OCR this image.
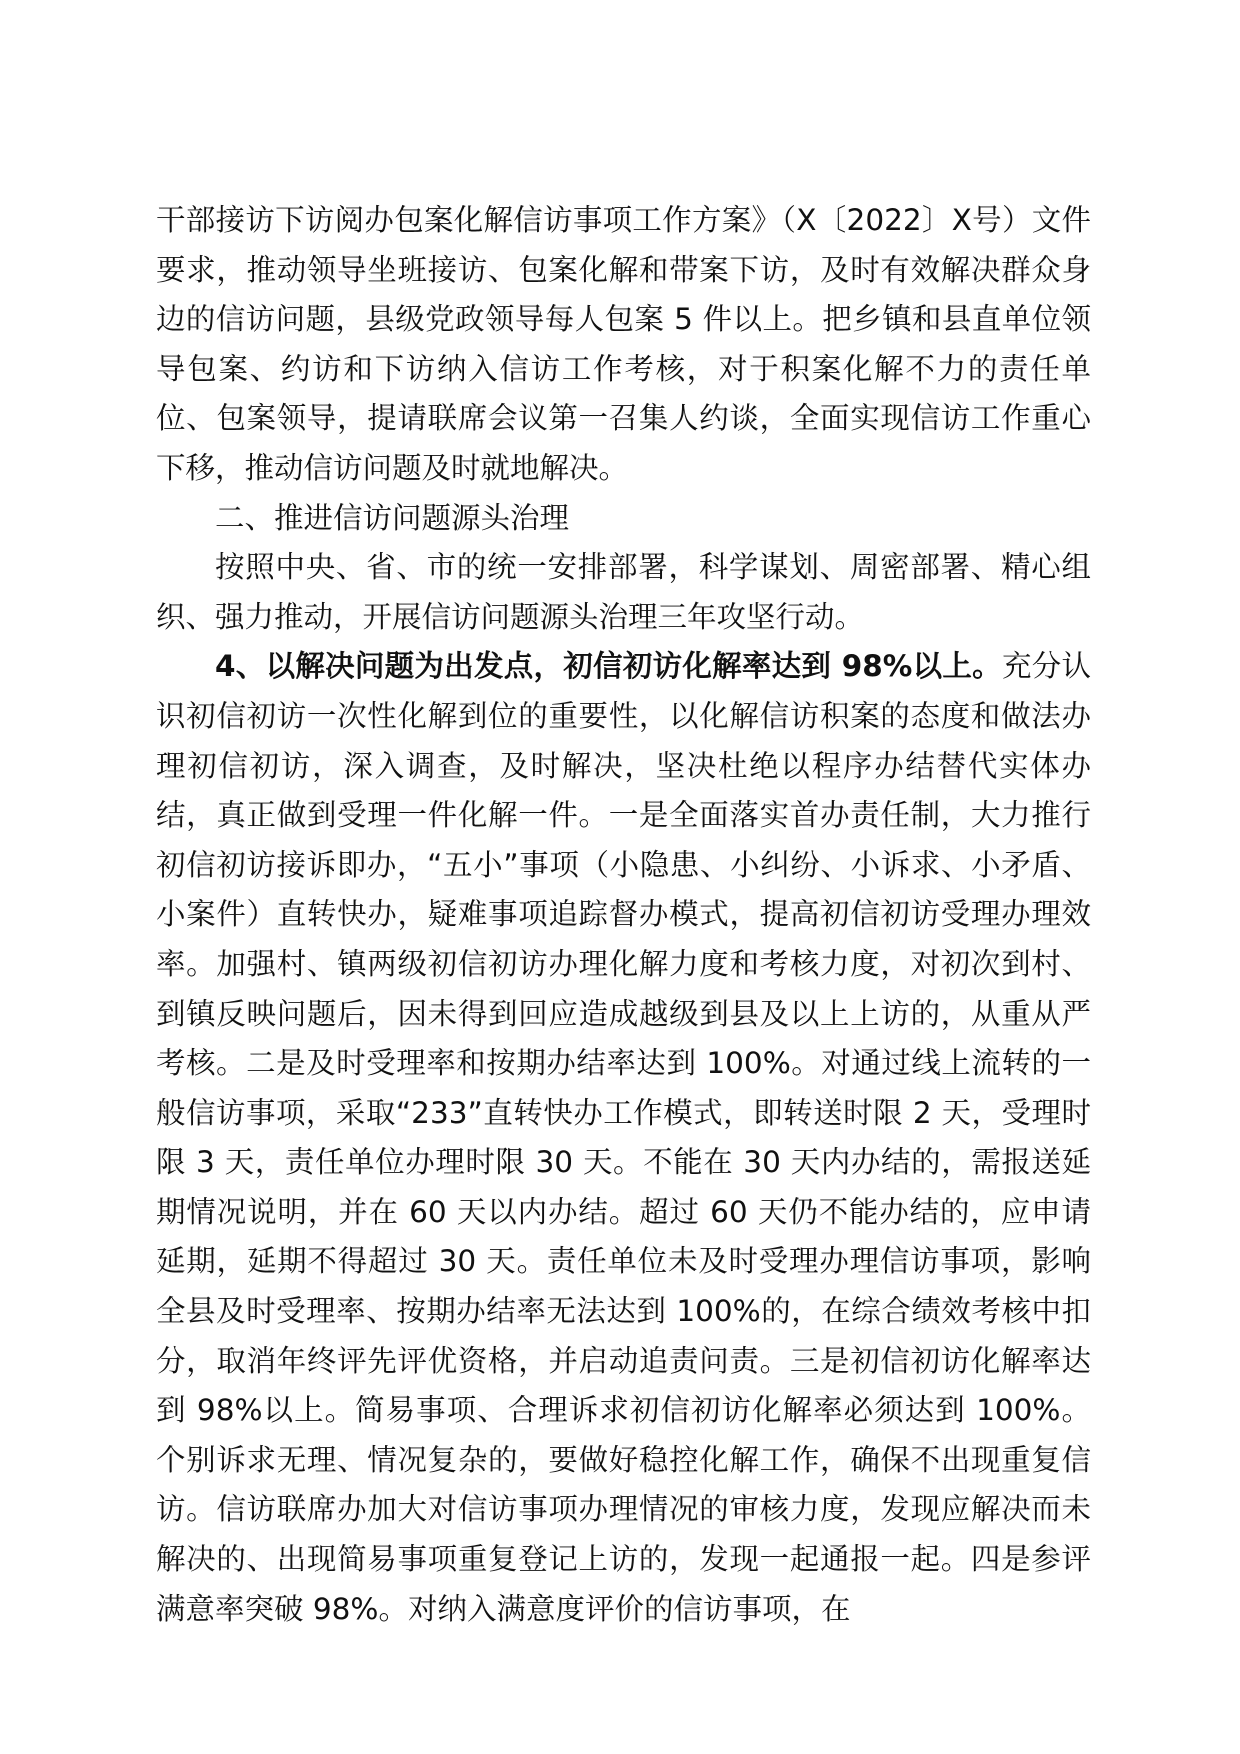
干部接访下访阅办包案化解信访事项工作方案》（X〔2022〕X号）文件要求，推动领导坐班接访、包案化解和带案下访，及时有效解决群众身边的信访问题，县级党政领导每人包案 5 件以上。把乡镇和县直单位领导包案、约访和下访纳入信访工作考核，对于积案化解不力的责任单位、包案领导，提请联席会议第一召集人约谈，全面实现信访工作重心下移，推动信访问题及时就地解决。

二、推进信访问题源头治理

按照中央、省、市的统一安排部署，科学谋划、周密部署、精心组织、强力推动，开展信访问题源头治理三年攻坚行动。

4、以解决问题为出发点，初信初访化解率达到 98%以上。充分认识初信初访一次性化解到位的重要性，以化解信访积案的态度和做法办理初信初访，深入调查，及时解决，坚决杜绝以程序办结替代实体办结，真正做到受理一件化解一件。一是全面落实首办责任制，大力推行初信初访接诉即办，“五小”事项（小隐患、小纠纷、小诉求、小矛盾、小案件）直转快办，疑难事项追踪督办模式，提高初信初访受理办理效率。加强村、镇两级初信初访办理化解力度和考核力度，对初次到村、到镇反映问题后，因未得到回应造成越级到县及以上上访的，从重从严考核。二是及时受理率和按期办结率达到 100%。对通过线上流转的一般信访事项，采取“233”直转快办工作模式，即转送时限 2 天，受理时限 3 天，责任单位办理时限 30 天。不能在 30 天内办结的，需报送延期情况说明，并在 60 天以内办结。超过 60 天仍不能办结的，应申请延期，延期不得超过 30 天。责任单位未及时受理办理信访事项，影响全县及时受理率、按期办结率无法达到 100%的，在综合绩效考核中扣分，取消年终评先评优资格，并启动追责问责。三是初信初访化解率达到 98%以上。简易事项、合理诉求初信初访化解率必须达到 100%。个别诉求无理、情况复杂的，要做好稳控化解工作，确保不出现重复信访。信访联席办加大对信访事项办理情况的审核力度，发现应解决而未解决的、出现简易事项重复登记上访的，发现一起通报一起。四是参评满意率突破 98%。对纳入满意度评价的信访事项，在
